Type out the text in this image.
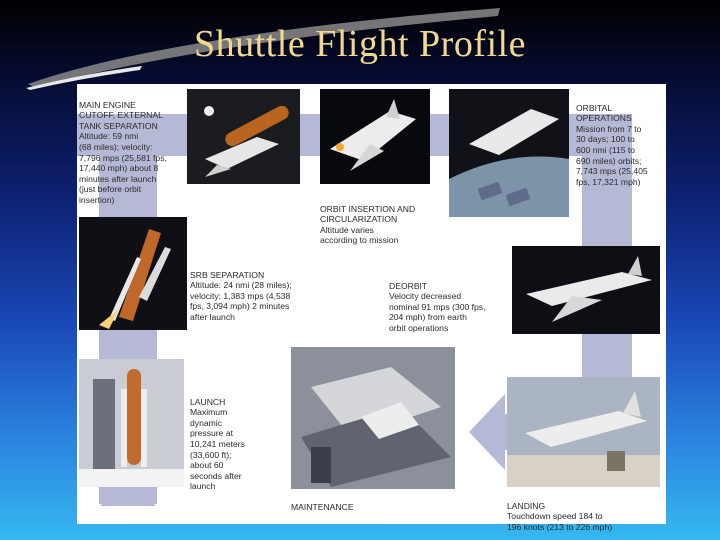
Shuttle Flight Profile

MAIN ENGINE
CUTOFF, EXTERNAL
TANK SEPARATION
Altitude: 59 nmi
(68 miles); velocity:
7,796 mps (25,581 fps,
17,440 mph) about 8
minutes after launch
(just before orbit
insertion)

ORBIT INSERTION AND
CIRCULARIZATION
Altitude varies
according to mission

ORBITAL
OPERATIONS
Mission from 7 to
30 days; 100 to
600 nmi (115 to
690 miles) orbits;
7,743 mps (25,405
fps, 17,321 mph)

SRB SEPARATION
Altitude: 24 nmi (28 miles);
velocity: 1,383 mps (4,538
fps, 3,094 mph) 2 minutes
after launch

DEORBIT
Velocity decreased
nominal 91 mps (300 fps,
204 mph) from earth
orbit operations

LAUNCH
Maximum
dynamic
pressure at
10,241 meters
(33,600 ft);
about 60
seconds after
launch

MAINTENANCE	LANDING
Touchdown speed 184 to
196 knots (213 to 226 mph)
